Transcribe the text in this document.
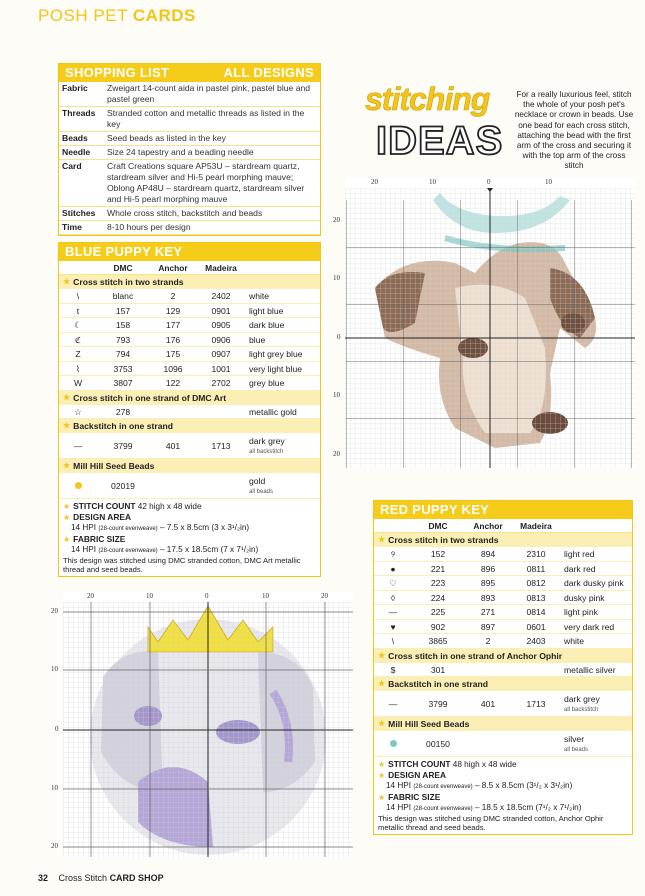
POSH PET CARDS
SHOPPING LIST	ALL DESIGNS
Fabric	Zweigart 14-count aida in pastel pink, pastel blue and pastel green
Threads	Stranded cotton and metallic threads as listed in the key
Beads	Seed beads as listed in the key
Needle	Size 24 tapestry and a beading needle
Card	Craft Creations square AP53U – stardream quartz, stardream silver and Hi-5 pearl morphing mauve; Oblong AP48U – stardream quartz, stardream silver and Hi-5 pearl morphing mauve
Stitches	Whole cross stitch, backstitch and beads
Time	8-10 hours per design
BLUE PUPPY KEY
DMC	Anchor	Madeira
★ Cross stitch in two strands
\	blanc	2	2402	white
t	157	129	0901	light blue
☾	158	177	0905	dark blue
ℭ	793	176	0906	blue
Z	794	175	0907	light grey blue
⌇	3753	1096	1001	very light blue
W	3807	122	2702	grey blue
★ Cross stitch in one strand of DMC Art
☆	278	metallic gold
★ Backstitch in one strand
—	3799	401	1713	dark grey
all backstitch
★ Mill Hill Seed Beads
02019	gold
all beads
★ STITCH COUNT 42 high x 48 wide
★ DESIGN AREA
14 HPI (28-count evenweave) – 7.5 x 8.5cm (3 x 3¹/₂in)
★ FABRIC SIZE
14 HPI (28-count evenweave) – 17.5 x 18.5cm (7 x 7¹/₂in)
This design was stitched using DMC stranded cotton, DMC Art metallic thread and seed beads.
stitching
IDEAS
For a really luxurious feel, stitch the whole of your posh pet's necklace or crown in beads. Use one bead for each cross stitch, attaching the bead with the first arm of the cross and securing it with the top arm of the cross stitch
20	10	0	10
20
10
0
10
20
RED PUPPY KEY
DMC	Anchor	Madeira
★ Cross stitch in two strands
୨	152	894	2310	light red
●	221	896	0811	dark red
♡	223	895	0812	dark dusky pink
◊	224	893	0813	dusky pink
—	225	271	0814	light pink
♥	902	897	0601	very dark red
\	3865	2	2403	white
★ Cross stitch in one strand of Anchor Ophir
$	301	metallic silver
★ Backstitch in one strand
—	3799	401	1713	dark grey
all backstitch
★ Mill Hill Seed Beads
00150	silver
all beads
★ STITCH COUNT 48 high x 48 wide
★ DESIGN AREA
14 HPI (28-count evenweave) – 8.5 x 8.5cm (3¹/₂ x 3¹/₂in)
★ FABRIC SIZE
14 HPI (28-count evenweave) – 18.5 x 18.5cm (7¹/₂ x 7¹/₂in)
This design was stitched using DMC stranded cotton, Anchor Ophir metallic thread and seed beads.
20	10	0	10	20
20
10
0
10
20
32 Cross Stitch CARD SHOP
